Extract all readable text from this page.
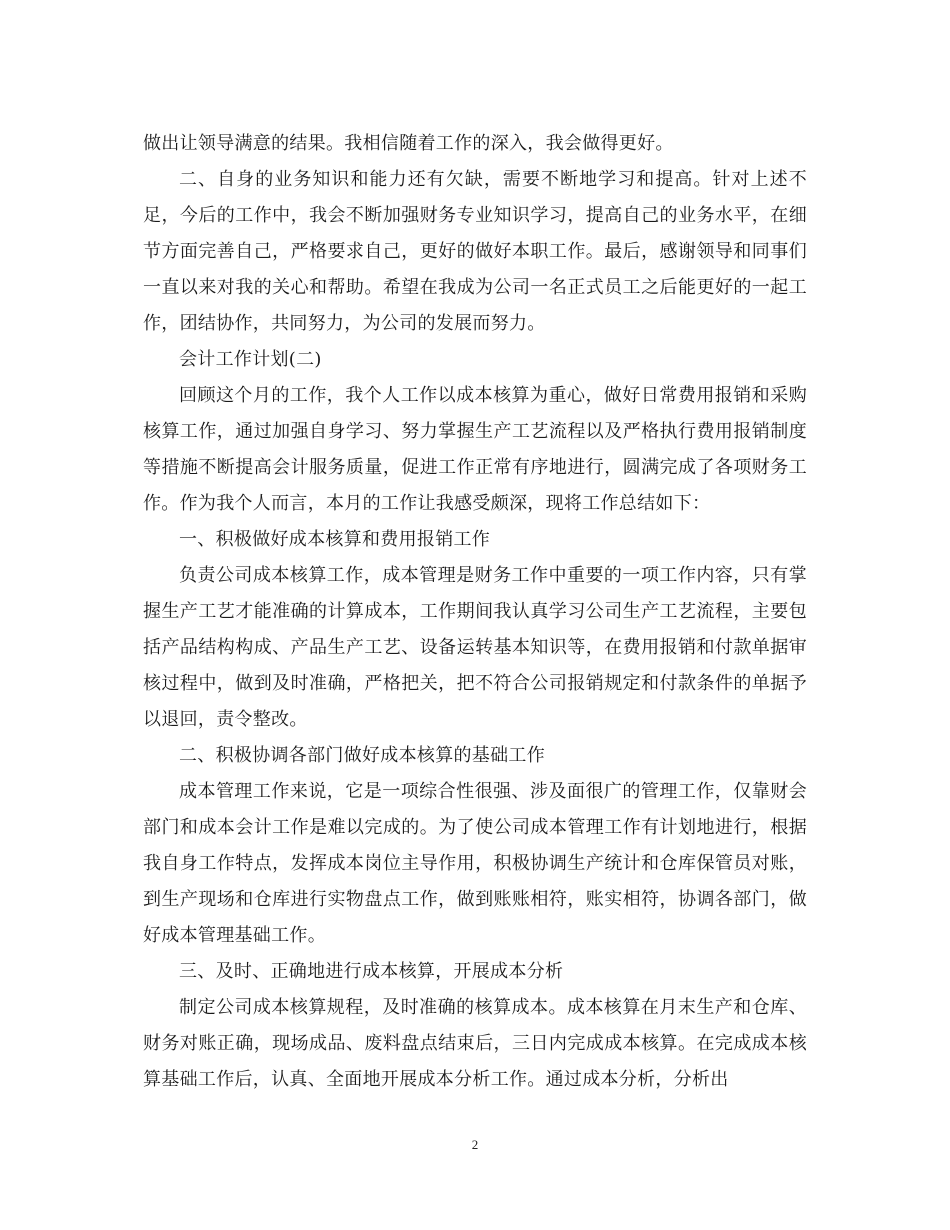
做出让领导满意的结果。我相信随着工作的深入，我会做得更好。

二、自身的业务知识和能力还有欠缺，需要不断地学习和提高。针对上述不足，今后的工作中，我会不断加强财务专业知识学习，提高自己的业务水平，在细节方面完善自己，严格要求自己，更好的做好本职工作。最后，感谢领导和同事们一直以来对我的关心和帮助。希望在我成为公司一名正式员工之后能更好的一起工作，团结协作，共同努力，为公司的发展而努力。

会计工作计划(二)

回顾这个月的工作，我个人工作以成本核算为重心，做好日常费用报销和采购核算工作，通过加强自身学习、努力掌握生产工艺流程以及严格执行费用报销制度等措施不断提高会计服务质量，促进工作正常有序地进行，圆满完成了各项财务工作。作为我个人而言，本月的工作让我感受颇深，现将工作总结如下：

一、积极做好成本核算和费用报销工作

负责公司成本核算工作，成本管理是财务工作中重要的一项工作内容，只有掌握生产工艺才能准确的计算成本，工作期间我认真学习公司生产工艺流程，主要包括产品结构构成、产品生产工艺、设备运转基本知识等，在费用报销和付款单据审核过程中，做到及时准确，严格把关，把不符合公司报销规定和付款条件的单据予以退回，责令整改。

二、积极协调各部门做好成本核算的基础工作

成本管理工作来说，它是一项综合性很强、涉及面很广的管理工作，仅靠财会部门和成本会计工作是难以完成的。为了使公司成本管理工作有计划地进行，根据我自身工作特点，发挥成本岗位主导作用，积极协调生产统计和仓库保管员对账，到生产现场和仓库进行实物盘点工作，做到账账相符，账实相符，协调各部门，做好成本管理基础工作。

三、及时、正确地进行成本核算，开展成本分析

制定公司成本核算规程，及时准确的核算成本。成本核算在月末生产和仓库、财务对账正确，现场成品、废料盘点结束后，三日内完成成本核算。在完成成本核算基础工作后，认真、全面地开展成本分析工作。通过成本分析，分析出

2
